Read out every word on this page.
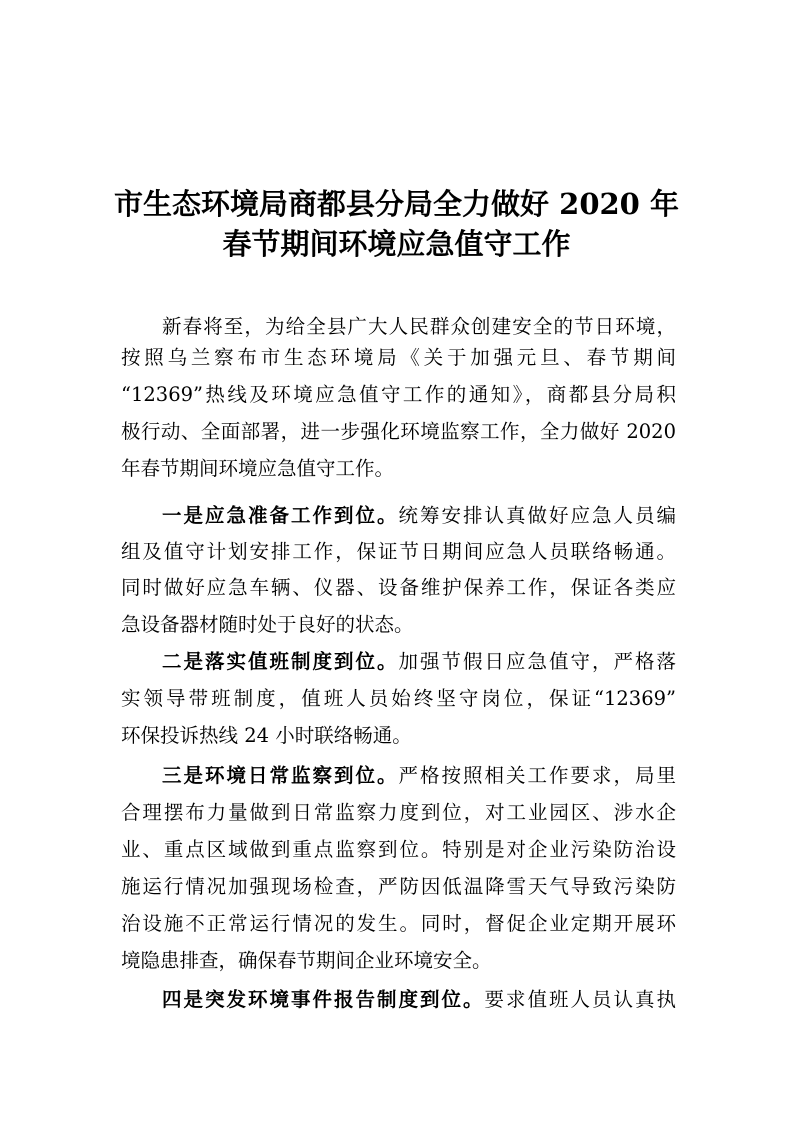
市生态环境局商都县分局全力做好 2020 年
春节期间环境应急值守工作
新春将至，为给全县广大人民群众创建安全的节日环境，
按照乌兰察布市生态环境局《关于加强元旦、春节期间
“12369”热线及环境应急值守工作的通知》，商都县分局积
极行动、全面部署，进一步强化环境监察工作，全力做好 2020
年春节期间环境应急值守工作。
一是应急准备工作到位。统筹安排认真做好应急人员编
组及值守计划安排工作，保证节日期间应急人员联络畅通。
同时做好应急车辆、仪器、设备维护保养工作，保证各类应
急设备器材随时处于良好的状态。
二是落实值班制度到位。加强节假日应急值守，严格落
实领导带班制度，值班人员始终坚守岗位，保证“12369”
环保投诉热线 24 小时联络畅通。
三是环境日常监察到位。严格按照相关工作要求，局里
合理摆布力量做到日常监察力度到位，对工业园区、涉水企
业、重点区域做到重点监察到位。特别是对企业污染防治设
施运行情况加强现场检查，严防因低温降雪天气导致污染防
治设施不正常运行情况的发生。同时，督促企业定期开展环
境隐患排查，确保春节期间企业环境安全。
四是突发环境事件报告制度到位。要求值班人员认真执
